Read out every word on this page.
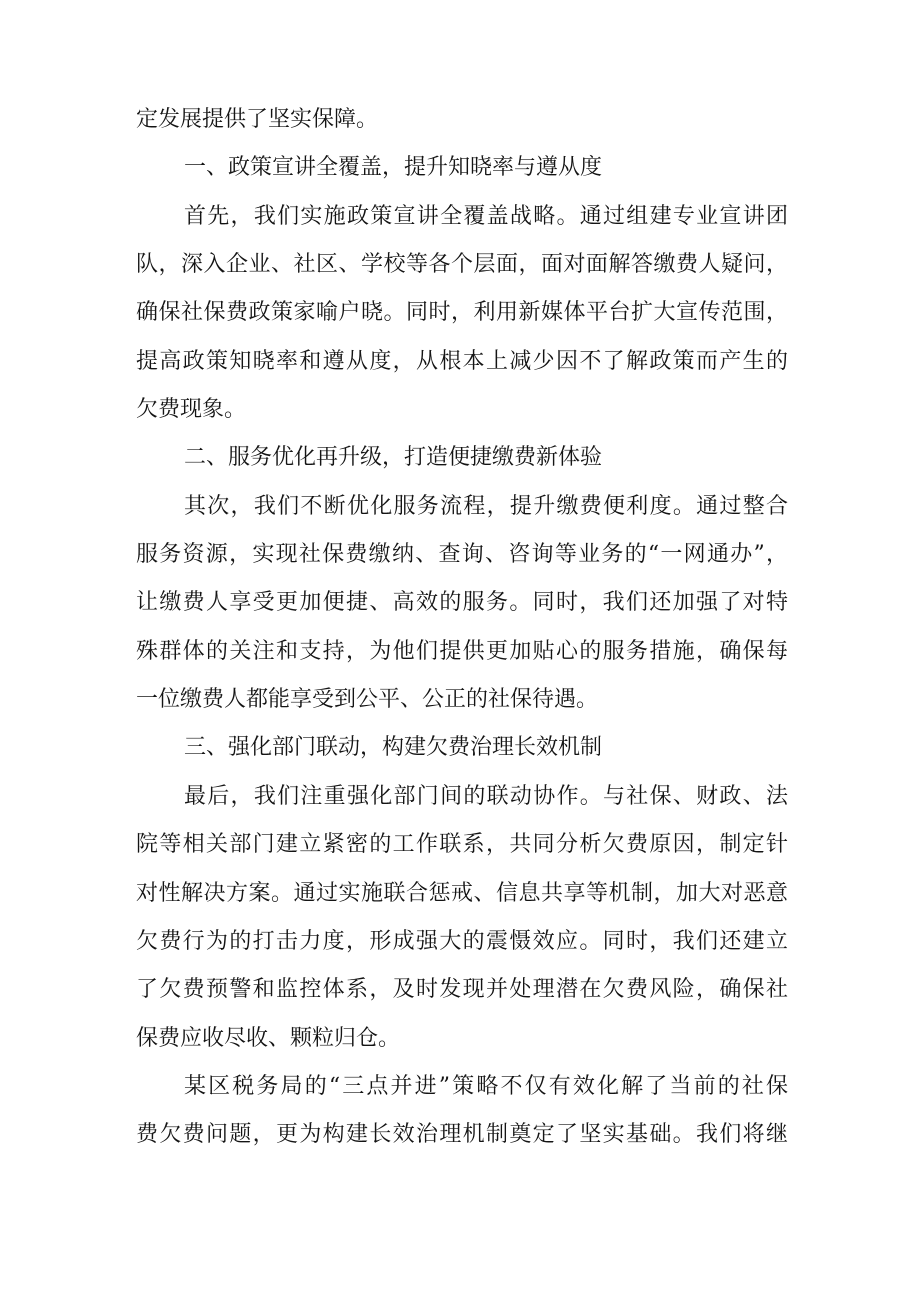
定发展提供了坚实保障。
一、政策宣讲全覆盖，提升知晓率与遵从度
首先，我们实施政策宣讲全覆盖战略。通过组建专业宣讲团
队，深入企业、社区、学校等各个层面，面对面解答缴费人疑问，
确保社保费政策家喻户晓。同时，利用新媒体平台扩大宣传范围，
提高政策知晓率和遵从度，从根本上减少因不了解政策而产生的
欠费现象。
二、服务优化再升级，打造便捷缴费新体验
其次，我们不断优化服务流程，提升缴费便利度。通过整合
服务资源，实现社保费缴纳、查询、咨询等业务的“一网通办”，
让缴费人享受更加便捷、高效的服务。同时，我们还加强了对特
殊群体的关注和支持，为他们提供更加贴心的服务措施，确保每
一位缴费人都能享受到公平、公正的社保待遇。
三、强化部门联动，构建欠费治理长效机制
最后，我们注重强化部门间的联动协作。与社保、财政、法
院等相关部门建立紧密的工作联系，共同分析欠费原因，制定针
对性解决方案。通过实施联合惩戒、信息共享等机制，加大对恶意
欠费行为的打击力度，形成强大的震慑效应。同时，我们还建立
了欠费预警和监控体系，及时发现并处理潜在欠费风险，确保社
保费应收尽收、颗粒归仓。
某区税务局的“三点并进”策略不仅有效化解了当前的社保
费欠费问题，更为构建长效治理机制奠定了坚实基础。我们将继
